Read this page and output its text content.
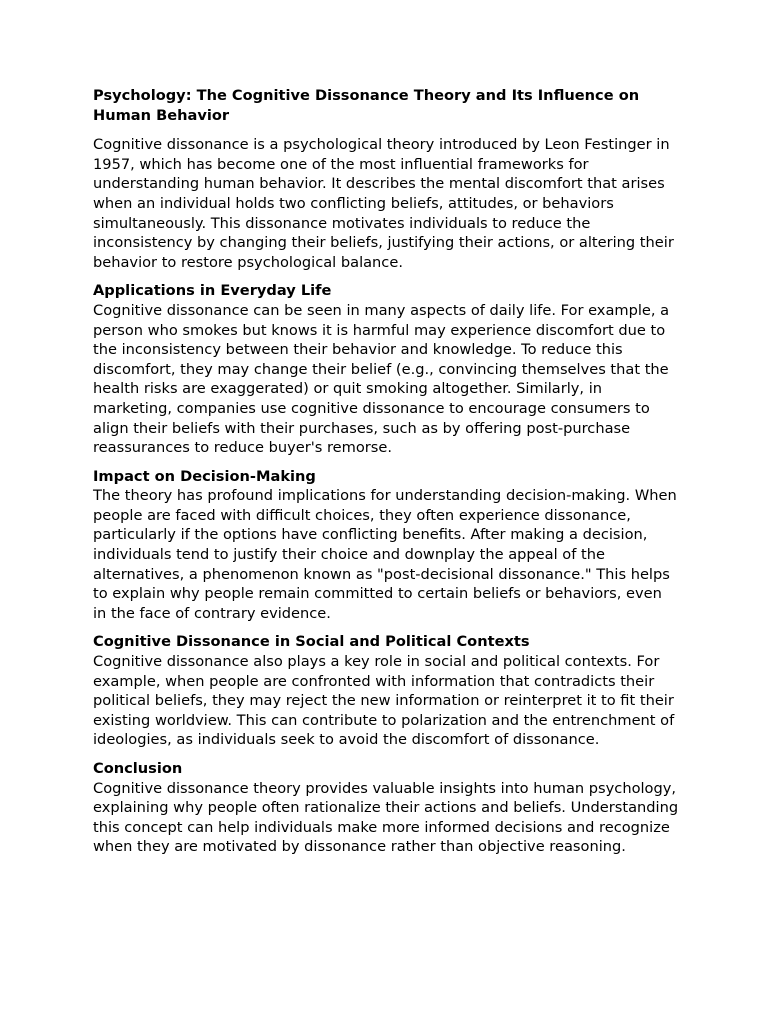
Psychology: The Cognitive Dissonance Theory and Its Influence on Human Behavior

Cognitive dissonance is a psychological theory introduced by Leon Festinger in 1957, which has become one of the most influential frameworks for understanding human behavior. It describes the mental discomfort that arises when an individual holds two conflicting beliefs, attitudes, or behaviors simultaneously. This dissonance motivates individuals to reduce the inconsistency by changing their beliefs, justifying their actions, or altering their behavior to restore psychological balance.

Applications in Everyday Life

Cognitive dissonance can be seen in many aspects of daily life. For example, a person who smokes but knows it is harmful may experience discomfort due to the inconsistency between their behavior and knowledge. To reduce this discomfort, they may change their belief (e.g., convincing themselves that the health risks are exaggerated) or quit smoking altogether. Similarly, in marketing, companies use cognitive dissonance to encourage consumers to align their beliefs with their purchases, such as by offering post-purchase reassurances to reduce buyer's remorse.

Impact on Decision-Making

The theory has profound implications for understanding decision-making. When people are faced with difficult choices, they often experience dissonance, particularly if the options have conflicting benefits. After making a decision, individuals tend to justify their choice and downplay the appeal of the alternatives, a phenomenon known as "post-decisional dissonance." This helps to explain why people remain committed to certain beliefs or behaviors, even in the face of contrary evidence.

Cognitive Dissonance in Social and Political Contexts

Cognitive dissonance also plays a key role in social and political contexts. For example, when people are confronted with information that contradicts their political beliefs, they may reject the new information or reinterpret it to fit their existing worldview. This can contribute to polarization and the entrenchment of ideologies, as individuals seek to avoid the discomfort of dissonance.

Conclusion

Cognitive dissonance theory provides valuable insights into human psychology, explaining why people often rationalize their actions and beliefs. Understanding this concept can help individuals make more informed decisions and recognize when they are motivated by dissonance rather than objective reasoning.
